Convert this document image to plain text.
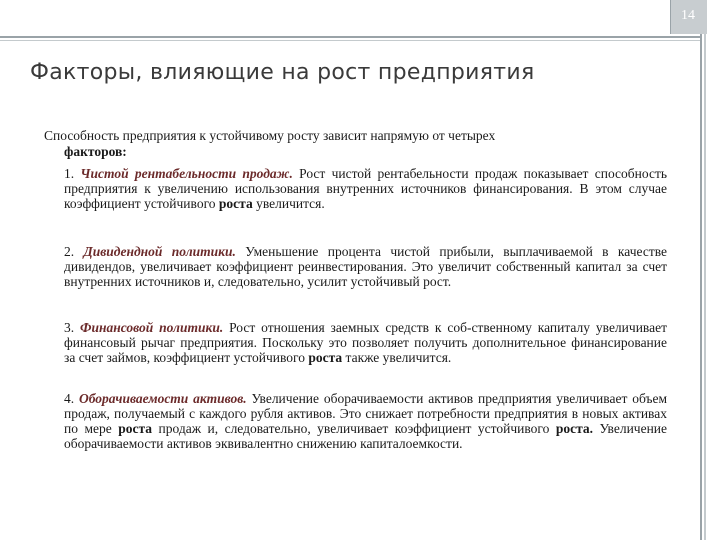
14
Факторы, влияющие на рост предприятия
Способность предприятия к устойчивому росту зависит напрямую от четырех
факторов:
1. Чистой рентабельности продаж. Рост чистой рентабельности продаж показывает способность предприятия к увеличению использования внутренних источников финансирования. В этом случае коэффициент устойчивого роста увеличится.
2. Дивидендной политики. Уменьшение процента чистой прибыли, выплачиваемой в качестве дивидендов, увеличивает коэффициент реинвестирования. Это увеличит собственный капитал за счет внутренних источников и, следовательно, усилит устойчивый рост.
3. Финансовой политики. Рост отношения заемных средств к соб-ственному капиталу увеличивает финансовый рычаг предприятия. Поскольку это позволяет получить дополнительное финансирование за счет займов, коэффициент устойчивого роста также увеличится.
4. Оборачиваемости активов. Увеличение оборачиваемости активов предприятия увеличивает объем продаж, получаемый с каждого рубля активов. Это снижает потребности предприятия в новых активах по мере роста продаж и, следовательно, увеличивает коэффициент устойчивого роста. Увеличение оборачиваемости активов эквивалентно снижению капиталоемкости.
